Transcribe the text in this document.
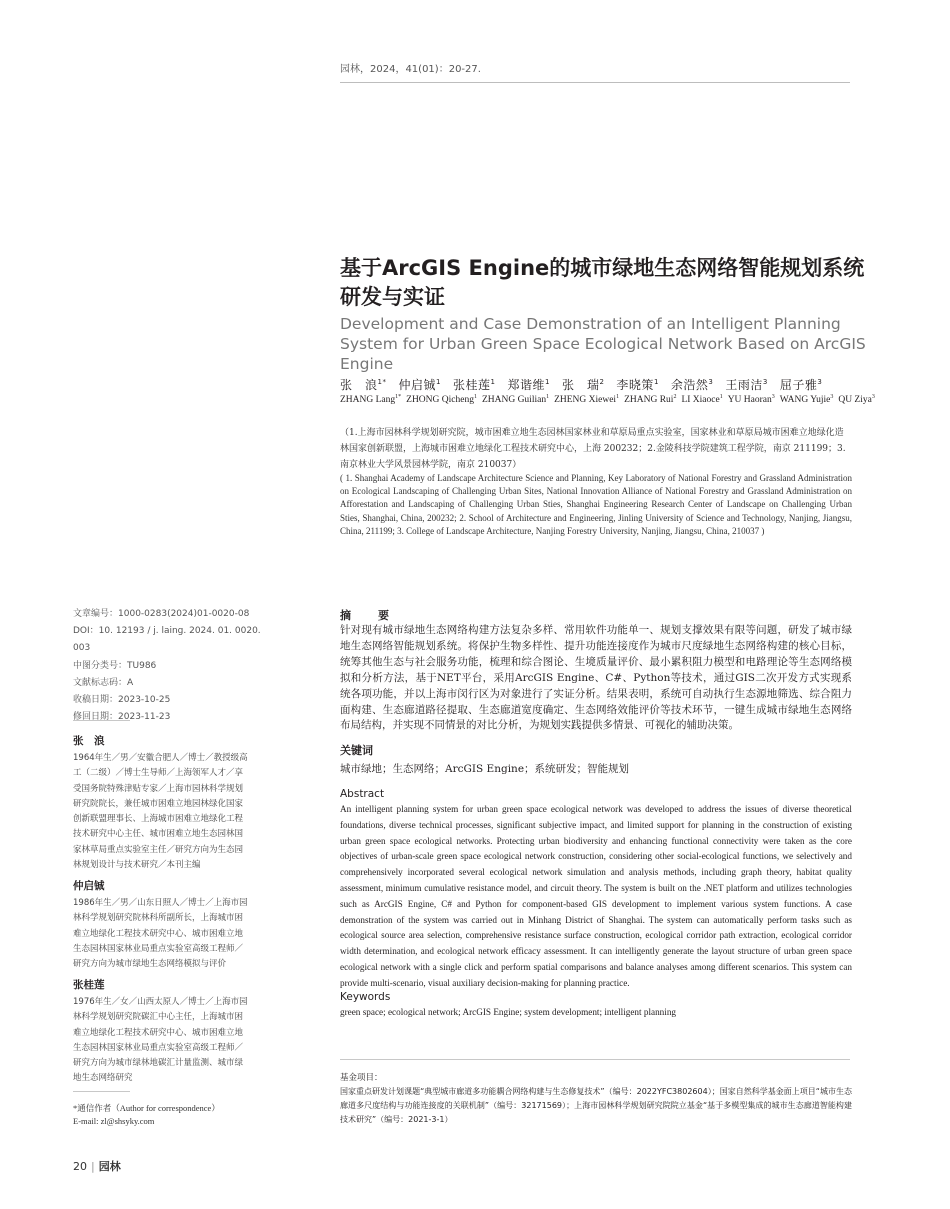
园林，2024，41(01)：20-27.
基于ArcGIS Engine的城市绿地生态网络智能规划系统研发与实证
Development and Case Demonstration of an Intelligent Planning System for Urban Green Space Ecological Network Based on ArcGIS Engine
张　浪$^{1*}$ 仲启铖$^1$ 张桂莲$^1$ 郑谐维$^1$ 张　瑞$^2$ 李晓策$^1$ 余浩然$^3$ 王雨洁$^3$ 屈子雅$^3$
ZHANG Lang$^{1*}$ ZHONG Qicheng$^1$ ZHANG Guilian$^1$ ZHENG Xiewei$^1$ ZHANG Rui$^2$ LI Xiaoce$^1$ YU Haoran$^3$ WANG Yujie$^3$ QU Ziya$^3$
（1.上海市园林科学规划研究院，城市困难立地生态园林国家林业和草原局重点实验室，国家林业和草原局城市困难立地绿化造林国家创新联盟，上海城市困难立地绿化工程技术研究中心，上海 200232；2.金陵科技学院建筑工程学院，南京 211199；3.南京林业大学风景园林学院，南京 210037）
( 1. Shanghai Academy of Landscape Architecture Science and Planning, Key Laboratory of National Forestry and Grassland Administration on Ecological Landscaping of Challenging Urban Sites, National Innovation Alliance of National Forestry and Grassland Administration on Afforestation and Landscaping of Challenging Urban Sties, Shanghai Engineering Research Center of Landscape on Challenging Urban Sties, Shanghai, China, 200232; 2. School of Architecture and Engineering, Jinling University of Science and Technology, Nanjing, Jiangsu, China, 211199; 3. College of Landscape Architecture, Nanjing Forestry University, Nanjing, Jiangsu, China, 210037 )
文章编号：1000-0283(2024)01-0020-08
DOI：10. 12193 / j. laing. 2024. 01. 0020. 003
中图分类号：TU986
文献标志码：A
收稿日期：2023-10-25
修回日期：2023-11-23
张　浪
1964年生／男／安徽合肥人／博士／教授级高工（二级）／博士生导师／上海领军人才／享受国务院特殊津贴专家／上海市园林科学规划研究院院长，兼任城市困难立地园林绿化国家创新联盟理事长、上海城市困难立地绿化工程技术研究中心主任、城市困难立地生态园林国家林草局重点实验室主任／研究方向为生态园林规划设计与技术研究／本刊主编
仲启铖
1986年生／男／山东日照人／博士／上海市园林科学规划研究院林科所副所长，上海城市困难立地绿化工程技术研究中心、城市困难立地生态园林国家林业局重点实验室高级工程师／研究方向为城市绿地生态网络模拟与评价
张桂莲
1976年生／女／山西太原人／博士／上海市园林科学规划研究院碳汇中心主任，上海城市困难立地绿化工程技术研究中心、城市困难立地生态园林国家林业局重点实验室高级工程师／研究方向为城市绿林地碳汇计量监测、城市绿地生态网络研究
*通信作者（Author for correspondence）
E-mail: zl@shsyky.com
20 | 园林
摘　要
针对现有城市绿地生态网络构建方法复杂多样、常用软件功能单一、规划支撑效果有限等问题，研发了城市绿地生态网络智能规划系统。将保护生物多样性、提升功能连接度作为城市尺度绿地生态网络构建的核心目标，统筹其他生态与社会服务功能，梳理和综合图论、生境质量评价、最小累积阻力模型和电路理论等生态网络模拟和分析方法，基于NET平台，采用ArcGIS Engine、C#、Python等技术，通过GIS二次开发方式实现系统各项功能，并以上海市闵行区为对象进行了实证分析。结果表明，系统可自动执行生态源地筛选、综合阻力面构建、生态廊道路径提取、生态廊道宽度确定、生态网络效能评价等技术环节，一键生成城市绿地生态网络布局结构，并实现不同情景的对比分析，为规划实践提供多情景、可视化的辅助决策。
关键词
城市绿地；生态网络；ArcGIS Engine；系统研发；智能规划
Abstract
An intelligent planning system for urban green space ecological network was developed to address the issues of diverse theoretical foundations, diverse technical processes, significant subjective impact, and limited support for planning in the construction of existing urban green space ecological networks. Protecting urban biodiversity and enhancing functional connectivity were taken as the core objectives of urban-scale green space ecological network construction, considering other social-ecological functions, we selectively and comprehensively incorporated several ecological network simulation and analysis methods, including graph theory, habitat quality assessment, minimum cumulative resistance model, and circuit theory. The system is built on the .NET platform and utilizes technologies such as ArcGIS Engine, C# and Python for component-based GIS development to implement various system functions. A case demonstration of the system was carried out in Minhang District of Shanghai. The system can automatically perform tasks such as ecological source area selection, comprehensive resistance surface construction, ecological corridor path extraction, ecological corridor width determination, and ecological network efficacy assessment. It can intelligently generate the layout structure of urban green space ecological network with a single click and perform spatial comparisons and balance analyses among different scenarios. This system can provide multi-scenario, visual auxiliary decision-making for planning practice.
Keywords
green space; ecological network; ArcGIS Engine; system development; intelligent planning
基金项目：
国家重点研发计划课题“典型城市廊道多功能耦合网络构建与生态修复技术”（编号：2022YFC3802604）；国家自然科学基金面上项目“城市生态廊道多尺度结构与功能连接度的关联机制”（编号：32171569）；上海市园林科学规划研究院院立基金“基于多模型集成的城市生态廊道智能构建技术研究”（编号：2021-3-1）
